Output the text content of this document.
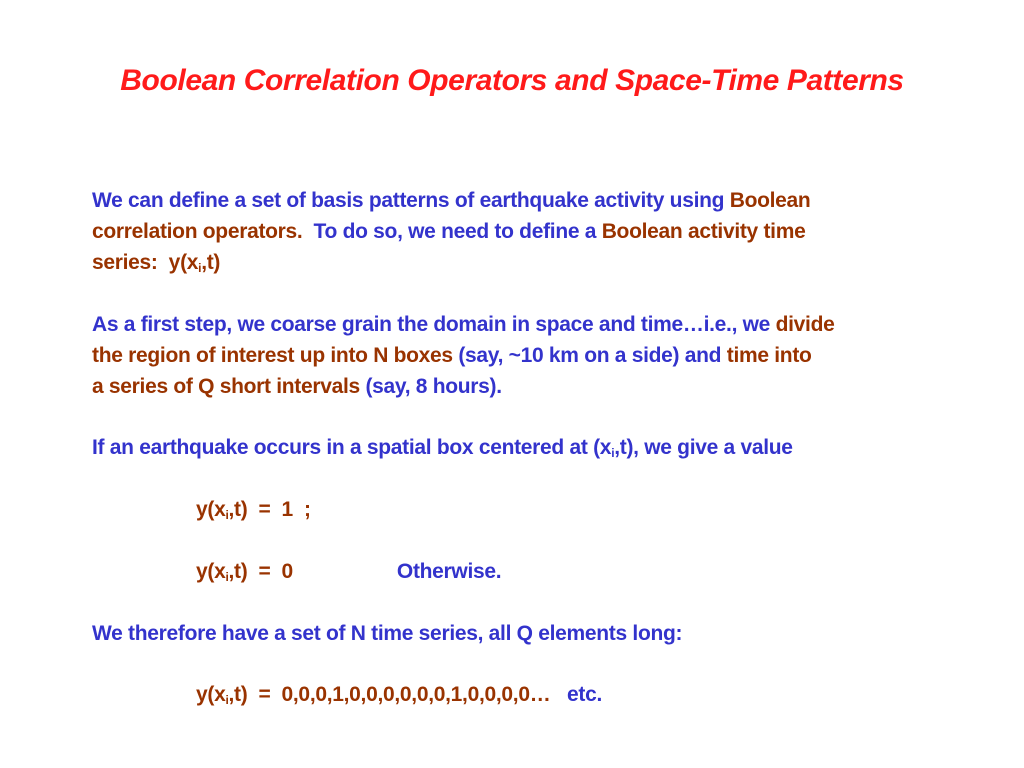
Boolean Correlation Operators and Space-Time Patterns
We can define a set of basis patterns of earthquake activity using Boolean
correlation operators.  To do so, we need to define a Boolean activity time
series:  $y(x_i,t)$
As a first step, we coarse grain the domain in space and time…i.e., we divide
the region of interest up into N boxes (say, ~10 km on a side) and time into
a series of Q short intervals (say, 8 hours).
If an earthquake occurs in a spatial box centered at $(x_i,t)$, we give a value
$y(x_i,t) = 1$  ;
$y(x_i,t) = 0$	Otherwise.
We therefore have a set of N time series, all Q elements long:
$y(x_i,t)$  =  0,0,0,1,0,0,0,0,0,0,1,0,0,0,0…   etc.
